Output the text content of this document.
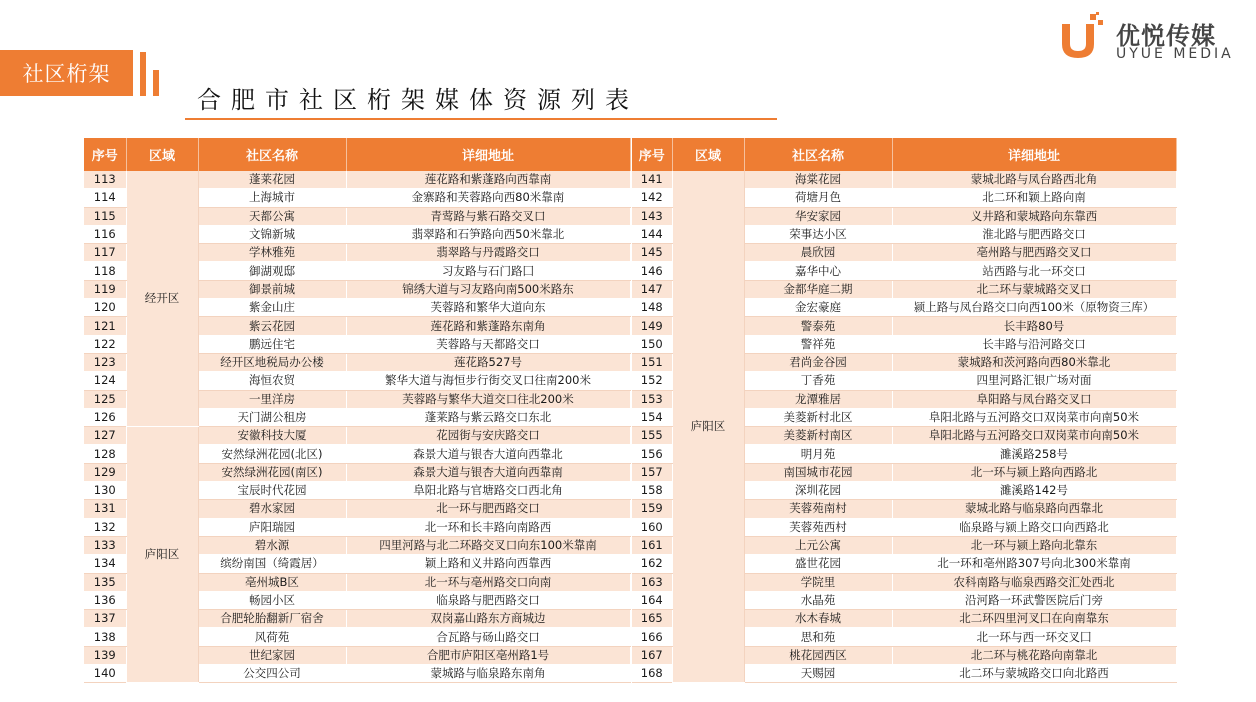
社区桁架
合肥市社区桁架媒体资源列表
优悦传媒
UYUE MEDIA
序号	区域	社区名称	详细地址
113	经开区	蓬莱花园	莲花路和紫蓬路向西靠南
114		上海城市	金寨路和芙蓉路向西80米靠南
115		天都公寓	青莺路与紫石路交叉口
116		文锦新城	翡翠路和石笋路向西50米靠北
117		学林雅苑	翡翠路与丹霞路交口
118		御湖观邸	习友路与石门路囗
119		御景前城	锦绣大道与习友路向南500米路东
120		紫金山庄	芙蓉路和繁华大道向东
121		紫云花园	莲花路和紫蓬路东南角
122		鹏远住宅	芙蓉路与天都路交口
123		经开区地税局办公楼	莲花路527号
124		海恒农贸	繁华大道与海恒步行街交叉口往南200米
125		一里洋房	芙蓉路与繁华大道交口往北200米
126		天门湖公租房	蓬莱路与紫云路交口东北
127	庐阳区	安徽科技大厦	花园街与安庆路交口
128		安然绿洲花园(北区)	森景大道与银杏大道向西靠北
129		安然绿洲花园(南区)	森景大道与银杏大道向西靠南
130		宝辰时代花园	阜阳北路与官塘路交口西北角
131		碧水家园	北一环与肥西路交口
132		庐阳瑞园	北一环和长丰路向南路西
133		碧水源	四里河路与北二环路交叉口向东100米靠南
134		缤纷南国（绮霞居）	颖上路和义井路向西靠西
135		亳州城B区	北一环与亳州路交口向南
136		畅园小区	临泉路与肥西路交口
137		合肥轮胎翻新厂宿舍	双岗嘉山路东方商城边
138		风荷苑	合瓦路与砀山路交口
139		世纪家园	合肥市庐阳区亳州路1号
140		公交四公司	蒙城路与临泉路东南角
序号	区域	社区名称	详细地址
141	庐阳区	海棠花园	蒙城北路与凤台路西北角
142		荷塘月色	北二环和颖上路向南
143		华安家园	义井路和蒙城路向东靠西
144		荣事达小区	淮北路与肥西路交口
145		晨欣园	亳州路与肥西路交叉口
146		嘉华中心	站西路与北一环交口
147		金都华庭二期	北二环与蒙城路交叉口
148		金宏豪庭	颍上路与凤台路交口向西100米（原物资三库）
149		警泰苑	长丰路80号
150		警祥苑	长丰路与沿河路交口
151		君尚金谷园	蒙城路和茨河路向西80米靠北
152		丁香苑	四里河路汇银广场对面
153		龙潭雅居	阜阳路与凤台路交叉口
154		美菱新村北区	阜阳北路与五河路交口双岗菜市向南50米
155		美菱新村南区	阜阳北路与五河路交口双岗菜市向南50米
156		明月苑	濉溪路258号
157		南国城市花园	北一环与颍上路向西路北
158		深圳花园	濉溪路142号
159		芙蓉苑南村	蒙城北路与临泉路向西靠北
160		芙蓉苑西村	临泉路与颍上路交口向西路北
161		上元公寓	北一环与颍上路向北靠东
162		盛世花园	北一环和亳州路307号向北300米靠南
163		学院里	农科南路与临泉西路交汇处西北
164		水晶苑	沿河路一环武警医院后门旁
165		水木春城	北二环四里河叉囗在向南靠东
166		思和苑	北一环与西一环交叉囗
167		桃花园西区	北二环与桃花路向南靠北
168		天赐园	北二环与蒙城路交口向北路西
